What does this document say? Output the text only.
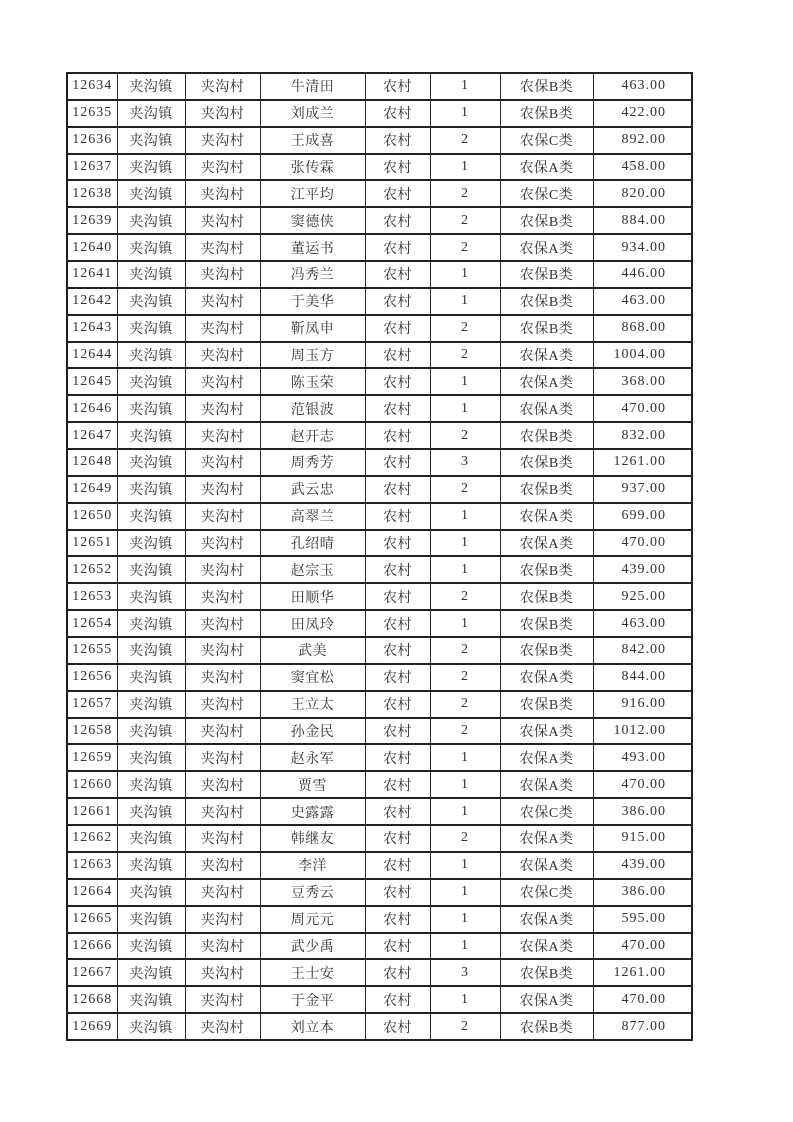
12634	夹沟镇	夹沟村	牛清田	农村	1	农保B类	463.00
12635	夹沟镇	夹沟村	刘成兰	农村	1	农保B类	422.00
12636	夹沟镇	夹沟村	王成喜	农村	2	农保C类	892.00
12637	夹沟镇	夹沟村	张传霖	农村	1	农保A类	458.00
12638	夹沟镇	夹沟村	江平均	农村	2	农保C类	820.00
12639	夹沟镇	夹沟村	窦德侠	农村	2	农保B类	884.00
12640	夹沟镇	夹沟村	董运书	农村	2	农保A类	934.00
12641	夹沟镇	夹沟村	冯秀兰	农村	1	农保B类	446.00
12642	夹沟镇	夹沟村	于美华	农村	1	农保B类	463.00
12643	夹沟镇	夹沟村	靳凤申	农村	2	农保B类	868.00
12644	夹沟镇	夹沟村	周玉方	农村	2	农保A类	1004.00
12645	夹沟镇	夹沟村	陈玉荣	农村	1	农保A类	368.00
12646	夹沟镇	夹沟村	范银波	农村	1	农保A类	470.00
12647	夹沟镇	夹沟村	赵开志	农村	2	农保B类	832.00
12648	夹沟镇	夹沟村	周秀芳	农村	3	农保B类	1261.00
12649	夹沟镇	夹沟村	武云忠	农村	2	农保B类	937.00
12650	夹沟镇	夹沟村	高翠兰	农村	1	农保A类	699.00
12651	夹沟镇	夹沟村	孔绍晴	农村	1	农保A类	470.00
12652	夹沟镇	夹沟村	赵宗玉	农村	1	农保B类	439.00
12653	夹沟镇	夹沟村	田顺华	农村	2	农保B类	925.00
12654	夹沟镇	夹沟村	田凤玲	农村	1	农保B类	463.00
12655	夹沟镇	夹沟村	武美	农村	2	农保B类	842.00
12656	夹沟镇	夹沟村	窦宜松	农村	2	农保A类	844.00
12657	夹沟镇	夹沟村	王立太	农村	2	农保B类	916.00
12658	夹沟镇	夹沟村	孙金民	农村	2	农保A类	1012.00
12659	夹沟镇	夹沟村	赵永军	农村	1	农保A类	493.00
12660	夹沟镇	夹沟村	贾雪	农村	1	农保A类	470.00
12661	夹沟镇	夹沟村	史露露	农村	1	农保C类	386.00
12662	夹沟镇	夹沟村	韩继友	农村	2	农保A类	915.00
12663	夹沟镇	夹沟村	李洋	农村	1	农保A类	439.00
12664	夹沟镇	夹沟村	豆秀云	农村	1	农保C类	386.00
12665	夹沟镇	夹沟村	周元元	农村	1	农保A类	595.00
12666	夹沟镇	夹沟村	武少禹	农村	1	农保A类	470.00
12667	夹沟镇	夹沟村	王士安	农村	3	农保B类	1261.00
12668	夹沟镇	夹沟村	于金平	农村	1	农保A类	470.00
12669	夹沟镇	夹沟村	刘立本	农村	2	农保B类	877.00
